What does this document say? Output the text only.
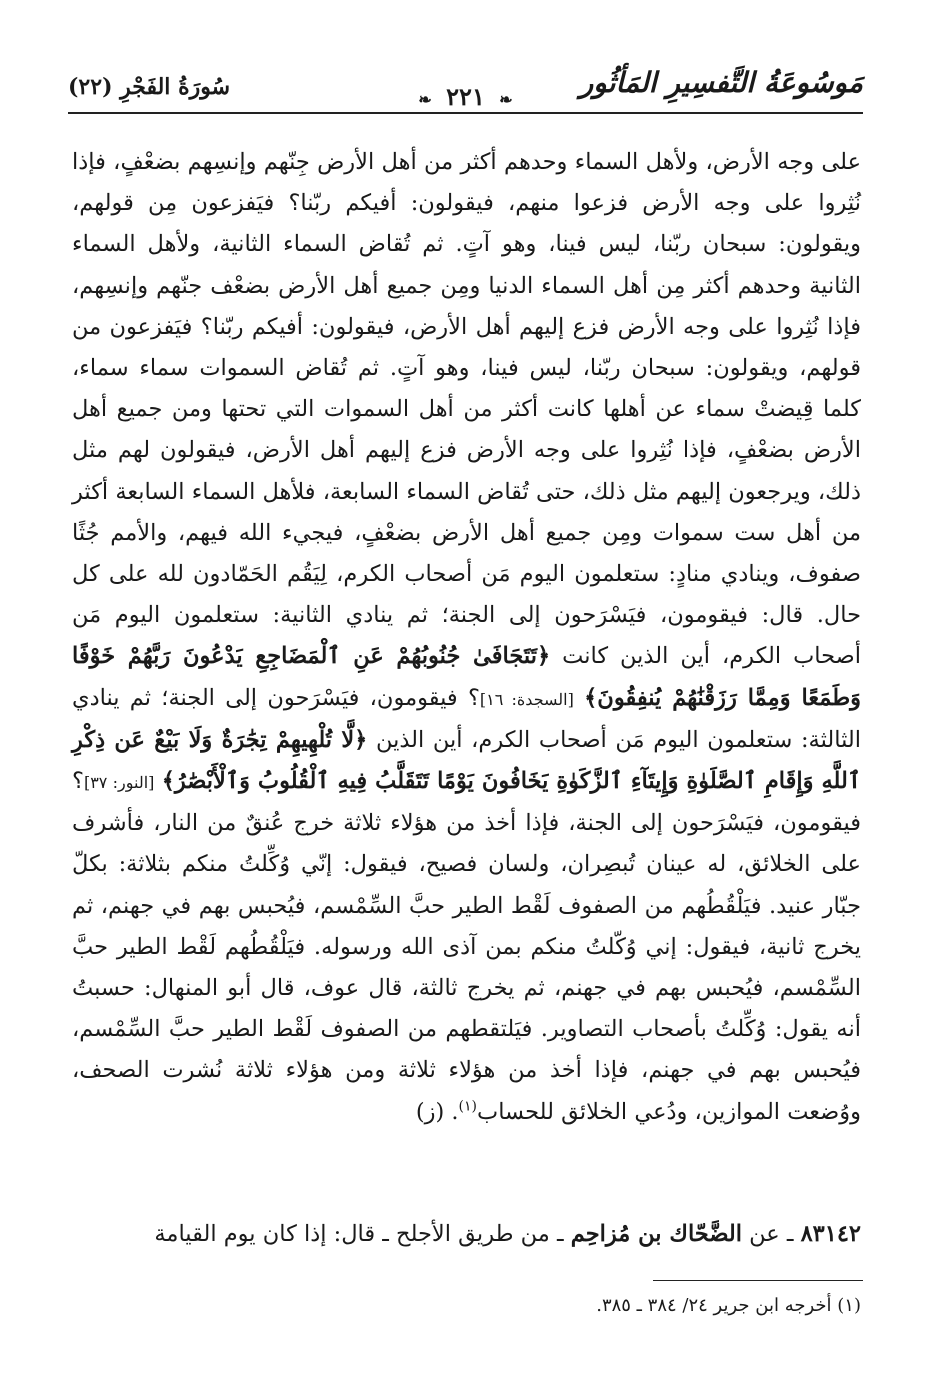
مَوسُوعَةُ التَّفسِيرِ المَأثُور
❧ ٢٢١ ❧
سُورَةُ الفَجْرِ (٢٢)

على وجه الأرض، ولأهل السماء وحدهم أكثر من أهل الأرض جِنّهم وإنسِهم بضعْفٍ، فإذا نُثِروا على وجه الأرض فزعوا منهم، فيقولون: أفيكم ربّنا؟ فيَفزعون مِن قولهم، ويقولون: سبحان ربّنا، ليس فينا، وهو آتٍ. ثم تُقاض السماء الثانية، ولأهل السماء الثانية وحدهم أكثر مِن أهل السماء الدنيا ومِن جميع أهل الأرض بضعْف جنّهم وإنسِهم، فإذا نُثِروا على وجه الأرض فزع إليهم أهل الأرض، فيقولون: أفيكم ربّنا؟ فيَفزعون من قولهم، ويقولون: سبحان ربّنا، ليس فينا، وهو آتٍ. ثم تُقاض السموات سماء سماء، كلما قِيضتْ سماء عن أهلها كانت أكثر من أهل السموات التي تحتها ومن جميع أهل الأرض بضعْفٍ، فإذا نُثِروا على وجه الأرض فزع إليهم أهل الأرض، فيقولون لهم مثل ذلك، ويرجعون إليهم مثل ذلك، حتى تُقاض السماء السابعة، فلأهل السماء السابعة أكثر من أهل ست سموات ومِن جميع أهل الأرض بضعْفٍ، فيجيء الله فيهم، والأمم جُثًا صفوف، وينادي منادٍ: ستعلمون اليوم مَن أصحاب الكرم، لِيَقُم الحَمّادون لله على كل حال. قال: فيقومون، فيَسْرَحون إلى الجنة؛ ثم ينادي الثانية: ستعلمون اليوم مَن أصحاب الكرم، أين الذين كانت ﴿تَتَجَافَىٰ جُنُوبُهُمْ عَنِ ٱلْمَضَاجِعِ يَدْعُونَ رَبَّهُمْ خَوْفًا وَطَمَعًا وَمِمَّا رَزَقْنَٰهُمْ يُنفِقُونَ﴾ [السجدة: ١٦]؟ فيقومون، فيَسْرَحون إلى الجنة؛ ثم ينادي الثالثة: ستعلمون اليوم مَن أصحاب الكرم، أين الذين ﴿لَّا تُلْهِيهِمْ تِجَٰرَةٌ وَلَا بَيْعٌ عَن ذِكْرِ ٱللَّهِ وَإِقَامِ ٱلصَّلَوٰةِ وَإِيتَآءِ ٱلزَّكَوٰةِ يَخَافُونَ يَوْمًا تَتَقَلَّبُ فِيهِ ٱلْقُلُوبُ وَٱلْأَبْصَٰرُ﴾ [النور: ٣٧]؟ فيقومون، فيَسْرَحون إلى الجنة، فإذا أخذ من هؤلاء ثلاثة خرج عُنقٌ من النار، فأشرف على الخلائق، له عينان تُبصِران، ولسان فصيح، فيقول: إنّي وُكِّلتُ منكم بثلاثة: بكلّ جبّار عنيد. فيَلْقُطُهم من الصفوف لَقْط الطير حبَّ السِّمْسم، فيُحبس بهم في جهنم، ثم يخرج ثانية، فيقول: إني وُكّلتُ منكم بمن آذى الله ورسوله. فيَلْقُطُهم لَقْط الطير حبَّ السِّمْسم، فيُحبس بهم في جهنم، ثم يخرج ثالثة، قال عوف، قال أبو المنهال: حسبتُ أنه يقول: وُكِّلتُ بأصحاب التصاوير. فيَلتقطهم من الصفوف لَقْط الطير حبَّ السِّمْسم، فيُحبس بهم في جهنم، فإذا أخذ من هؤلاء ثلاثة ومن هؤلاء ثلاثة نُشرت الصحف، ووُضعت الموازين، ودُعي الخلائق للحساب$^{(١)}$. (ز)

٨٣١٤٢ ـ عن الضَّحّاك بن مُزاحِم ـ من طريق الأجلح ـ قال: إذا كان يوم القيامة
(١) أخرجه ابن جرير ٢٤/ ٣٨٤ ـ ٣٨٥.
